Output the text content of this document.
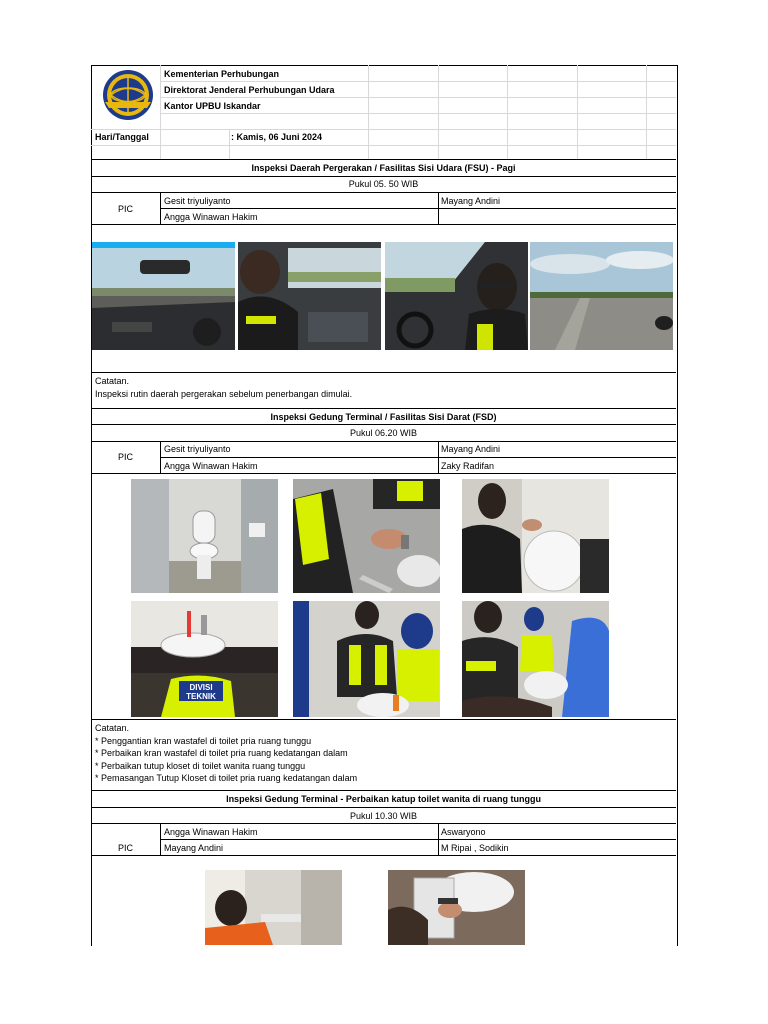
Kementerian Perhubungan
Direktorat Jenderal Perhubungan Udara
Kantor UPBU Iskandar
Hari/Tanggal	: Kamis, 06 Juni 2024
Inspeksi Daerah Pergerakan / Fasilitas Sisi Udara (FSU) - Pagi
Pukul 05. 50 WIB
PIC
Gesit triyuliyanto
Angga Winawan Hakim
Mayang Andini
Catatan.
Inspeksi rutin daerah pergerakan sebelum penerbangan dimulai.
Inspeksi Gedung Terminal / Fasilitas Sisi Darat (FSD)
Pukul 06.20 WIB
PIC
Gesit triyuliyanto
Angga Winawan Hakim
Mayang Andini
Zaky Radifan
DIVISI
TEKNIK
Catatan.
* Penggantian kran wastafel di toilet pria ruang tunggu
* Perbaikan kran wastafel di toilet pria ruang kedatangan dalam
* Perbaikan tutup kloset di toilet wanita ruang tunggu
* Pemasangan Tutup Kloset di toilet pria ruang kedatangan dalam
Inspeksi Gedung Terminal - Perbaikan katup toilet wanita di ruang tunggu
Pukul 10.30 WIB
PIC
Angga Winawan Hakim
Mayang Andini
Aswaryono
M Ripai , Sodikin
